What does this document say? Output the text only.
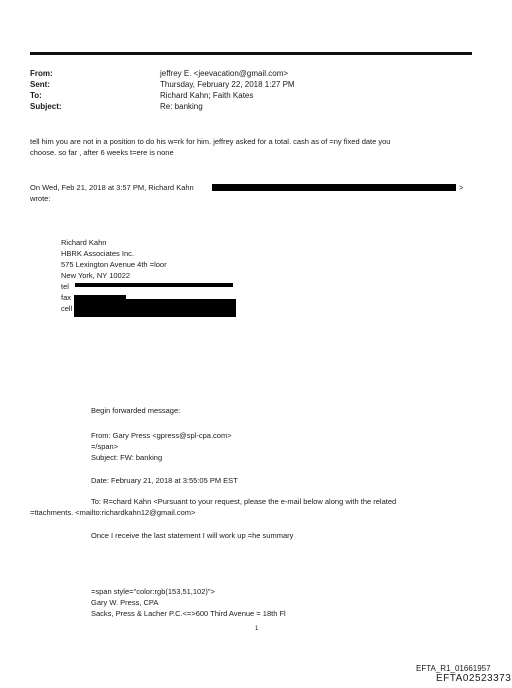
From:	jeffrey E. <jeevacation@gmail.com>
Sent:	Thursday, February 22, 2018 1:27 PM
To:	Richard Kahn; Faith Kates
Subject:	Re: banking
tell him you are not in a position to do his w=rk for him. jeffrey asked for a total. cash as of =ny fixed date you
choose. so far , after 6 weeks t=ere is none
On Wed, Feb 21, 2018 at 3:57 PM, Richard Kahn	>
wrote:
Richard Kahn
HBRK Associates Inc.
575 Lexington Avenue 4th =loor
New York, NY 10022
tel
fax
cell
Begin forwarded message:
From: Gary Press <gpress@spl-cpa.com>
=/span>
Subject: FW: banking
Date: February 21, 2018 at 3:55:05 PM EST
To: R=chard Kahn <Pursuant to your request, please the e-mail below along with the related
=ttachments. <mailto:richardkahn12@gmail.com>
Once I receive the last statement I will work up =he summary
=span style="color:rgb(153,51,102)">
Gary W. Press, CPA
Sacks, Press & Lacher P.C.<=>600 Third Avenue = 18th Fl
1
EFTA_R1_01661957
EFTA02523373
